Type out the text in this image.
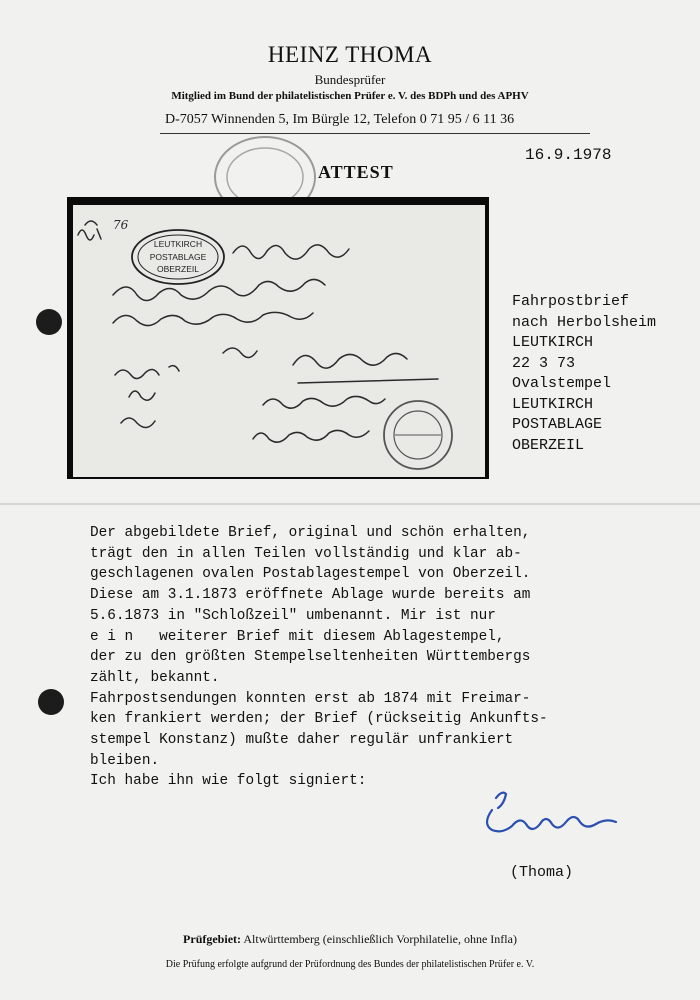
HEINZ THOMA
Bundesprüfer
Mitglied im Bund der philatelistischen Prüfer e. V. des BDPh und des APHV
D-7057 Winnenden 5, Im Bürgle 12, Telefon 0 71 95 / 6 11 36
ATTEST
16.9.1978
LEUTKIRCH
POSTABLAGE
OBERZEIL
76
Fahrpostbrief
nach Herbolsheim
LEUTKIRCH
22 3 73
Ovalstempel
LEUTKIRCH
POSTABLAGE
OBERZEIL
Der abgebildete Brief, original und schön erhalten,
trägt den in allen Teilen vollständig und klar ab-
geschlagenen ovalen Postablagestempel von Oberzeil.
Diese am 3.1.1873 eröffnete Ablage wurde bereits am
5.6.1873 in "Schloßzeil" umbenannt. Mir ist nur
e i n   weiterer Brief mit diesem Ablagestempel,
der zu den größten Stempelseltenheiten Württembergs
zählt, bekannt.
Fahrpostsendungen konnten erst ab 1874 mit Freimar-
ken frankiert werden; der Brief (rückseitig Ankunfts-
stempel Konstanz) mußte daher regulär unfrankiert
bleiben.
Ich habe ihn wie folgt signiert:
(Thoma)
Prüfgebiet: Altwürttemberg (einschließlich Vorphilatelie, ohne Infla)
Die Prüfung erfolgte aufgrund der Prüfordnung des Bundes der philatelistischen Prüfer e. V.
